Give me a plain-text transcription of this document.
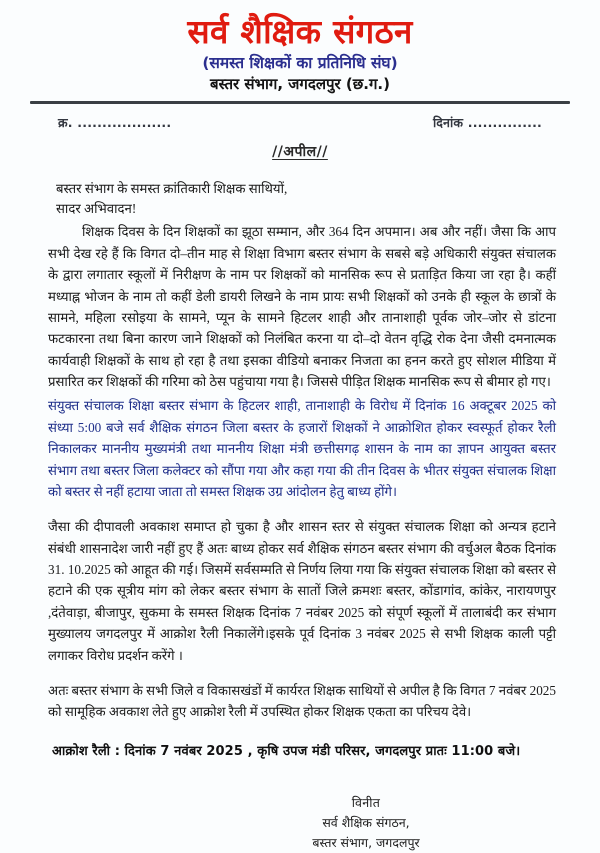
सर्व शैक्षिक संगठन
(समस्त शिक्षकों का प्रतिनिधि संघ)
बस्तर संभाग, जगदलपुर (छ.ग.)
क्र. ...................	दिनांक ...............
//अपील//
बस्तर संभाग के समस्त क्रांतिकारी शिक्षक साथियों,
सादर अभिवादन!

शिक्षक दिवस के दिन शिक्षकों का झूठा सम्मान, और 364 दिन अपमान। अब और नहीं। जैसा कि आप सभी देख रहे हैं कि विगत दो–तीन माह से शिक्षा विभाग बस्तर संभाग के सबसे बड़े अधिकारी संयुक्त संचालक के द्वारा लगातार स्कूलों में निरीक्षण के नाम पर शिक्षकों को मानसिक रूप से प्रताड़ित किया जा रहा है। कहीं मध्याह्न भोजन के नाम तो कहीं डेली डायरी लिखने के नाम प्रायः सभी शिक्षकों को उनके ही स्कूल के छात्रों के सामने, महिला रसोइया के सामने, प्यून के सामने हिटलर शाही और तानाशाही पूर्वक जोर–जोर से डांटना फटकारना तथा बिना कारण जाने शिक्षकों को निलंबित करना या दो–दो वेतन वृद्धि रोक देना जैसी दमनात्मक कार्यवाही शिक्षकों के साथ हो रहा है तथा इसका वीडियो बनाकर निजता का हनन करते हुए सोशल मीडिया में प्रसारित कर शिक्षकों की गरिमा को ठेस पहुंचाया गया है। जिससे पीड़ित शिक्षक मानसिक रूप से बीमार हो गए।

संयुक्त संचालक शिक्षा बस्तर संभाग के हिटलर शाही, तानाशाही के विरोध में दिनांक 16 अक्टूबर 2025 को संध्या 5:00 बजे सर्व शैक्षिक संगठन जिला बस्तर के हजारों शिक्षकों ने आक्रोशित होकर स्वस्फूर्त होकर रैली निकालकर माननीय मुख्यमंत्री तथा माननीय शिक्षा मंत्री छत्तीसगढ़ शासन के नाम का ज्ञापन आयुक्त बस्तर संभाग तथा बस्तर जिला कलेक्टर को सौंपा गया और कहा गया की तीन दिवस के भीतर संयुक्त संचालक शिक्षा को बस्तर से नहीं हटाया जाता तो समस्त शिक्षक उग्र आंदोलन हेतु बाध्य होंगे।

जैसा की दीपावली अवकाश समाप्त हो चुका है और शासन स्तर से संयुक्त संचालक शिक्षा को अन्यत्र हटाने संबंधी शासनादेश जारी नहीं हुए हैं अतः बाध्य होकर सर्व शैक्षिक संगठन बस्तर संभाग की वर्चुअल बैठक दिनांक 31. 10.2025 को आहूत की गई। जिसमें सर्वसम्मति से निर्णय लिया गया कि संयुक्त संचालक शिक्षा को बस्तर से हटाने की एक सूत्रीय मांग को लेकर बस्तर संभाग के सातों जिले क्रमशः बस्तर, कोंडागांव, कांकेर, नारायणपुर ,दंतेवाड़ा, बीजापुर, सुकमा के समस्त शिक्षक दिनांक 7 नवंबर 2025 को संपूर्ण स्कूलों में तालाबंदी कर संभाग मुख्यालय जगदलपुर में आक्रोश रैली निकालेंगे।इसके पूर्व दिनांक 3 नवंबर 2025 से सभी शिक्षक काली पट्टी लगाकर विरोध प्रदर्शन करेंगे ।

अतः बस्तर संभाग के सभी जिले व विकासखंडों में कार्यरत शिक्षक साथियों से अपील है कि विगत 7 नवंबर 2025 को सामूहिक अवकाश लेते हुए आक्रोश रैली में उपस्थित होकर शिक्षक एकता का परिचय देवे।

आक्रोश रैली : दिनांक 7 नवंबर 2025 , कृषि उपज मंडी परिसर, जगदलपुर प्रातः 11:00 बजे।
विनीत
सर्व शैक्षिक संगठन,
बस्तर संभाग, जगदलपुर
